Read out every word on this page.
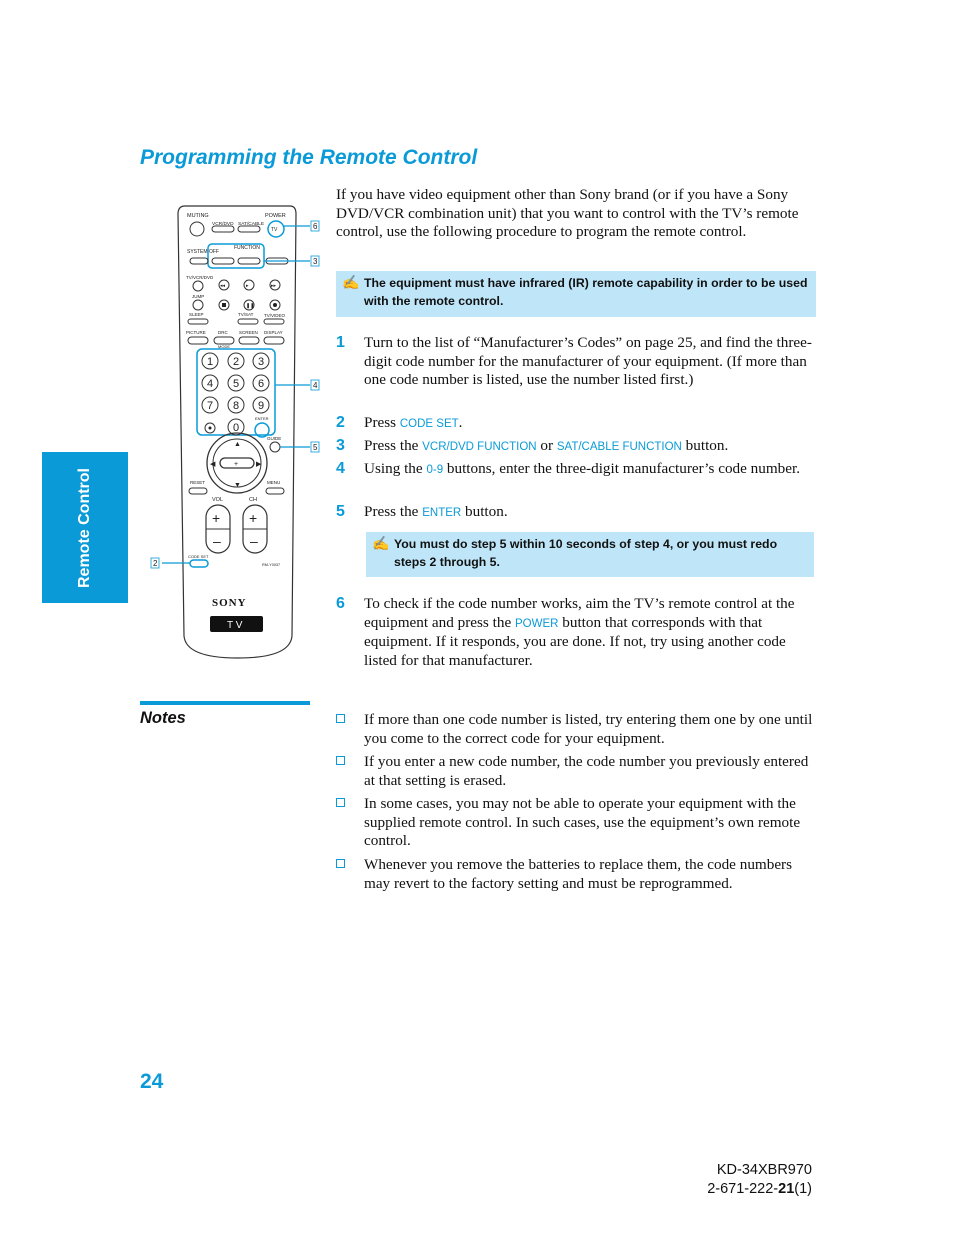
Programming the Remote Control
Remote Control
MUTING	POWER
VCR/DVD SAT/CABLE
TV	6
SYSTEM OFF
FUNCTION
3
TV/VCR/DVD
JUMP
◂◂	▸	▸▸
❚❚
SLEEP	TV/SAT TV/VIDEO
PICTURE	DRC	SCREEN DISPLAY
MODE
1 2 3
4 5 6
7 8 9
0
4
ENTER
GUIDE
5
+
▲
▼
◀	▶
RESET	MENU
VOL	CH
+
–
+
–
CODE SET
2	RM-Y0037
SONY
T V
If you have video equipment other than Sony brand (or if you have a Sony DVD/VCR combination unit) that you want to control with the TV’s remote control, use the following procedure to program the remote control.
✍ The equipment must have infrared (IR) remote capability in order to be used with the remote control.
1 Turn to the list of “Manufacturer’s Codes” on page 25, and find the three-digit code number for the manufacturer of your equipment. (If more than one code number is listed, use the number listed first.)
2 Press CODE SET.
3 Press the VCR/DVD FUNCTION or SAT/CABLE FUNCTION button.
4 Using the 0-9 buttons, enter the three-digit manufacturer’s code number.
5 Press the ENTER button.
✍ You must do step 5 within 10 seconds of step 4, or you must redo steps 2 through 5.
6 To check if the code number works, aim the TV’s remote control at the equipment and press the POWER button that corresponds with that equipment. If it responds, you are done. If not, try using another code listed for that manufacturer.
Notes	If more than one code number is listed, try entering them one by one until you come to the correct code for your equipment.
If you enter a new code number, the code number you previously entered at that setting is erased.
In some cases, you may not be able to operate your equipment with the supplied remote control. In such cases, use the equipment’s own remote control.
Whenever you remove the batteries to replace them, the code numbers may revert to the factory setting and must be reprogrammed.
24
KD-34XBR970
2-671-222-21(1)
